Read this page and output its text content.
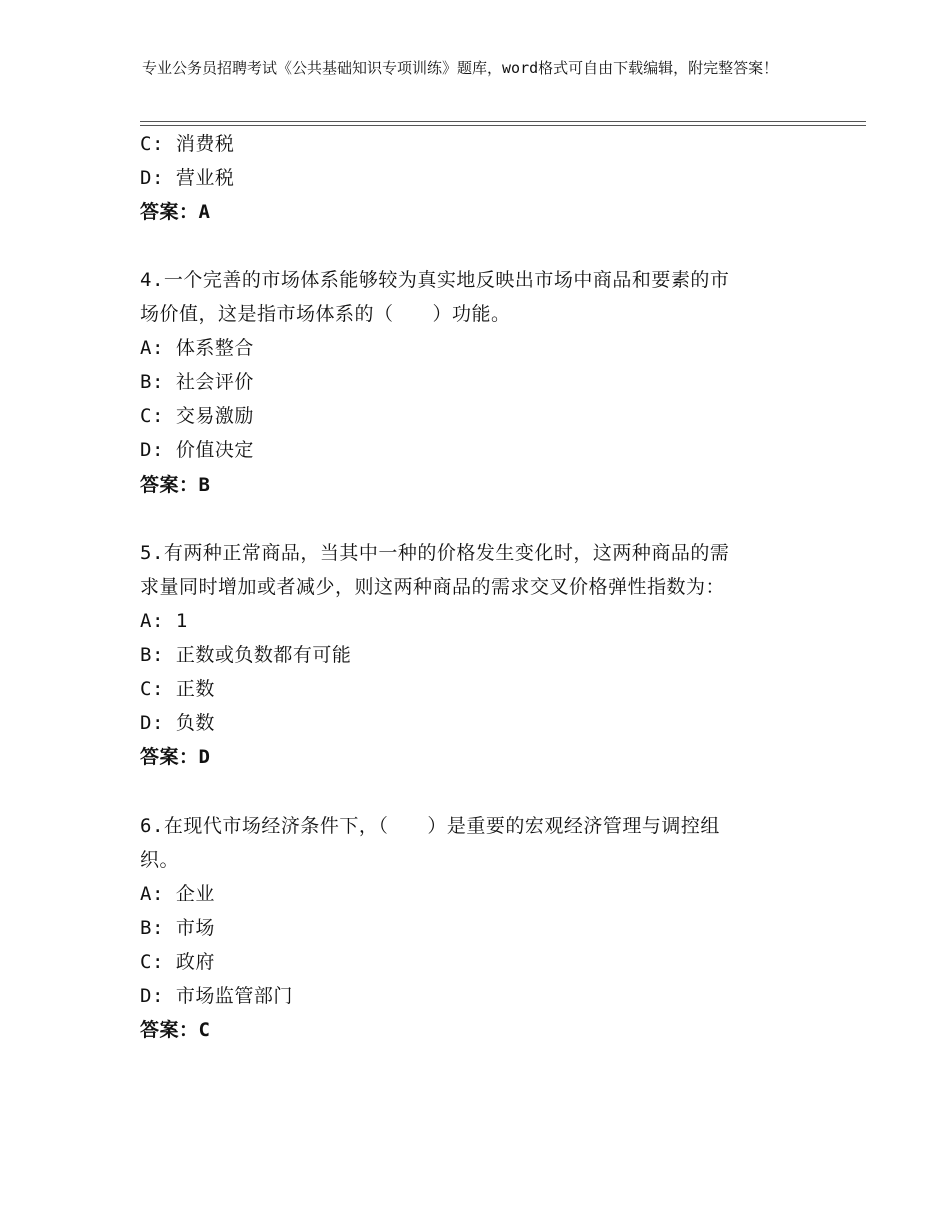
专业公务员招聘考试《公共基础知识专项训练》题库，word格式可自由下载编辑，附完整答案！
C: 消费税
D: 营业税
答案：A
4.一个完善的市场体系能够较为真实地反映出市场中商品和要素的市
场价值，这是指市场体系的（　　）功能。
A: 体系整合
B: 社会评价
C: 交易激励
D: 价值决定
答案：B
5.有两种正常商品，当其中一种的价格发生变化时，这两种商品的需
求量同时增加或者减少，则这两种商品的需求交叉价格弹性指数为：
A: 1
B: 正数或负数都有可能
C: 正数
D: 负数
答案：D
6.在现代市场经济条件下，（　　）是重要的宏观经济管理与调控组
织。
A: 企业
B: 市场
C: 政府
D: 市场监管部门
答案：C
